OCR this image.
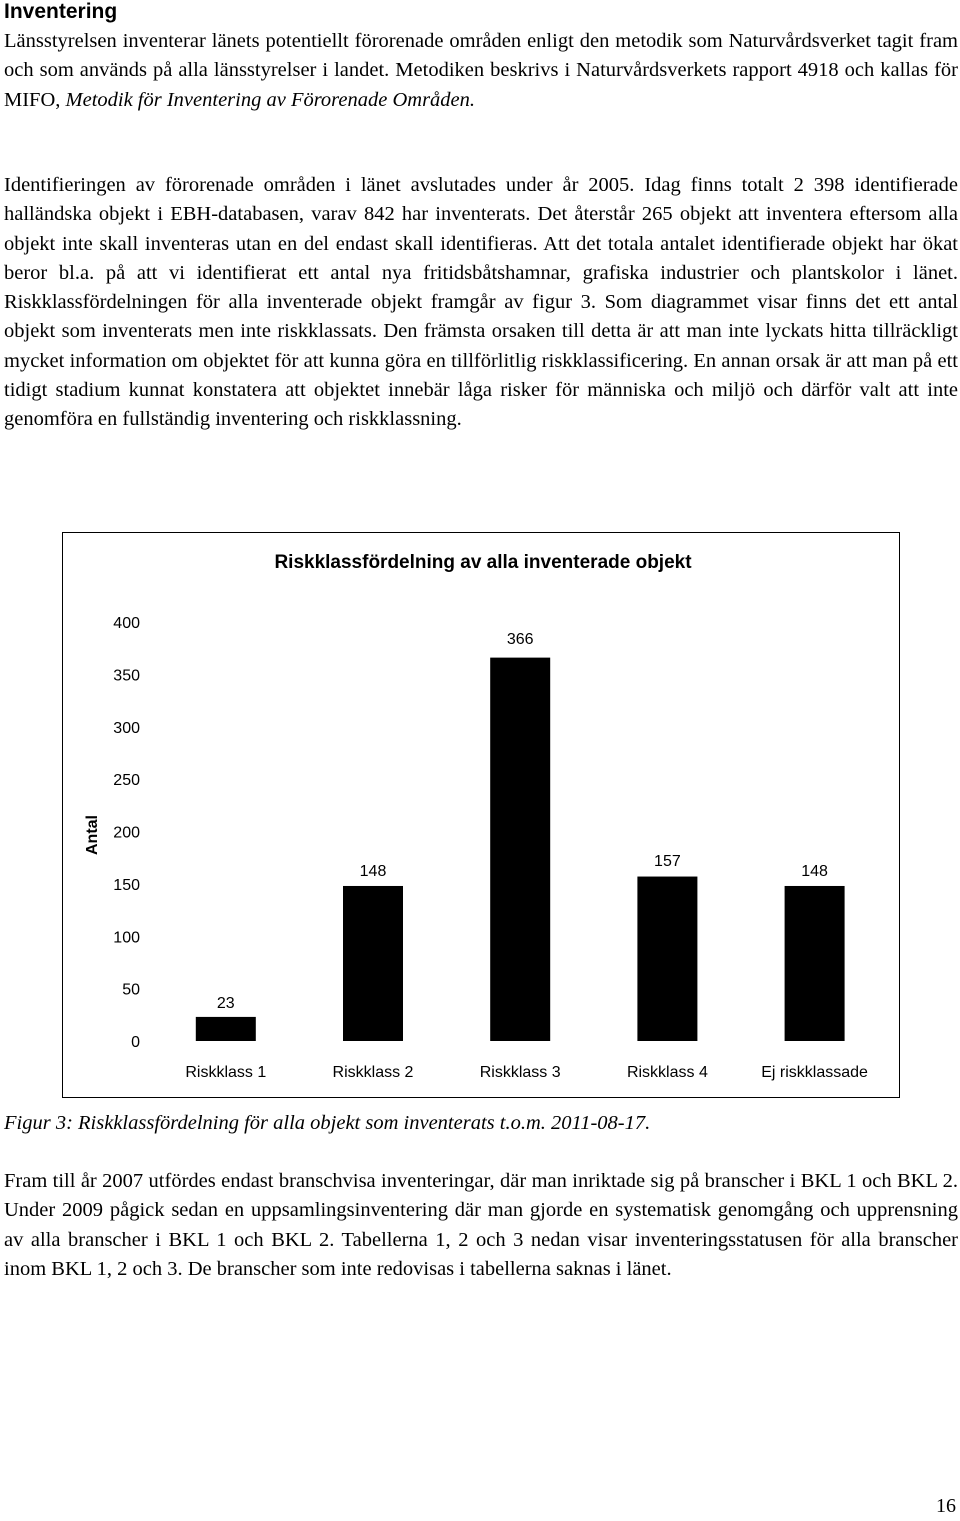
Inventering

Länsstyrelsen inventerar länets potentiellt förorenade områden enligt den metodik som Naturvårdsverket tagit fram och som används på alla länsstyrelser i landet. Metodiken beskrivs i Naturvårdsverkets rapport 4918 och kallas för MIFO, Metodik för Inventering av Förorenade Områden.

Identifieringen av förorenade områden i länet avslutades under år 2005. Idag finns totalt 2 398 identifierade halländska objekt i EBH-databasen, varav 842 har inventerats. Det återstår 265 objekt att inventera eftersom alla objekt inte skall inventeras utan en del endast skall identifieras. Att det totala antalet identifierade objekt har ökat beror bl.a. på att vi identifierat ett antal nya fritidsbåtshamnar, grafiska industrier och plantskolor i länet. Riskklassfördelningen för alla inventerade objekt framgår av figur 3. Som diagrammet visar finns det ett antal objekt som inventerats men inte riskklassats. Den främsta orsaken till detta är att man inte lyckats hitta tillräckligt mycket information om objektet för att kunna göra en tillförlitlig riskklassificering. En annan orsak är att man på ett tidigt stadium kunnat konstatera att objektet innebär låga risker för människa och miljö och därför valt att inte genomföra en fullständig inventering och riskklassning.

Riskklassfördelning av alla inventerade objekt
Antal
0
50
100
150
200
250
300
350
400
23
148
366
157
148
Riskklass 1	Riskklass 2	Riskklass 3	Riskklass 4	Ej riskklassade

Figur 3: Riskklassfördelning för alla objekt som inventerats t.o.m. 2011-08-17.

Fram till år 2007 utfördes endast branschvisa inventeringar, där man inriktade sig på branscher i BKL 1 och BKL 2. Under 2009 pågick sedan en uppsamlingsinventering där man gjorde en systematisk genomgång och upprensning av alla branscher i BKL 1 och BKL 2. Tabellerna 1, 2 och 3 nedan visar inventeringsstatusen för alla branscher inom BKL 1, 2 och 3. De branscher som inte redovisas i tabellerna saknas i länet.

16
